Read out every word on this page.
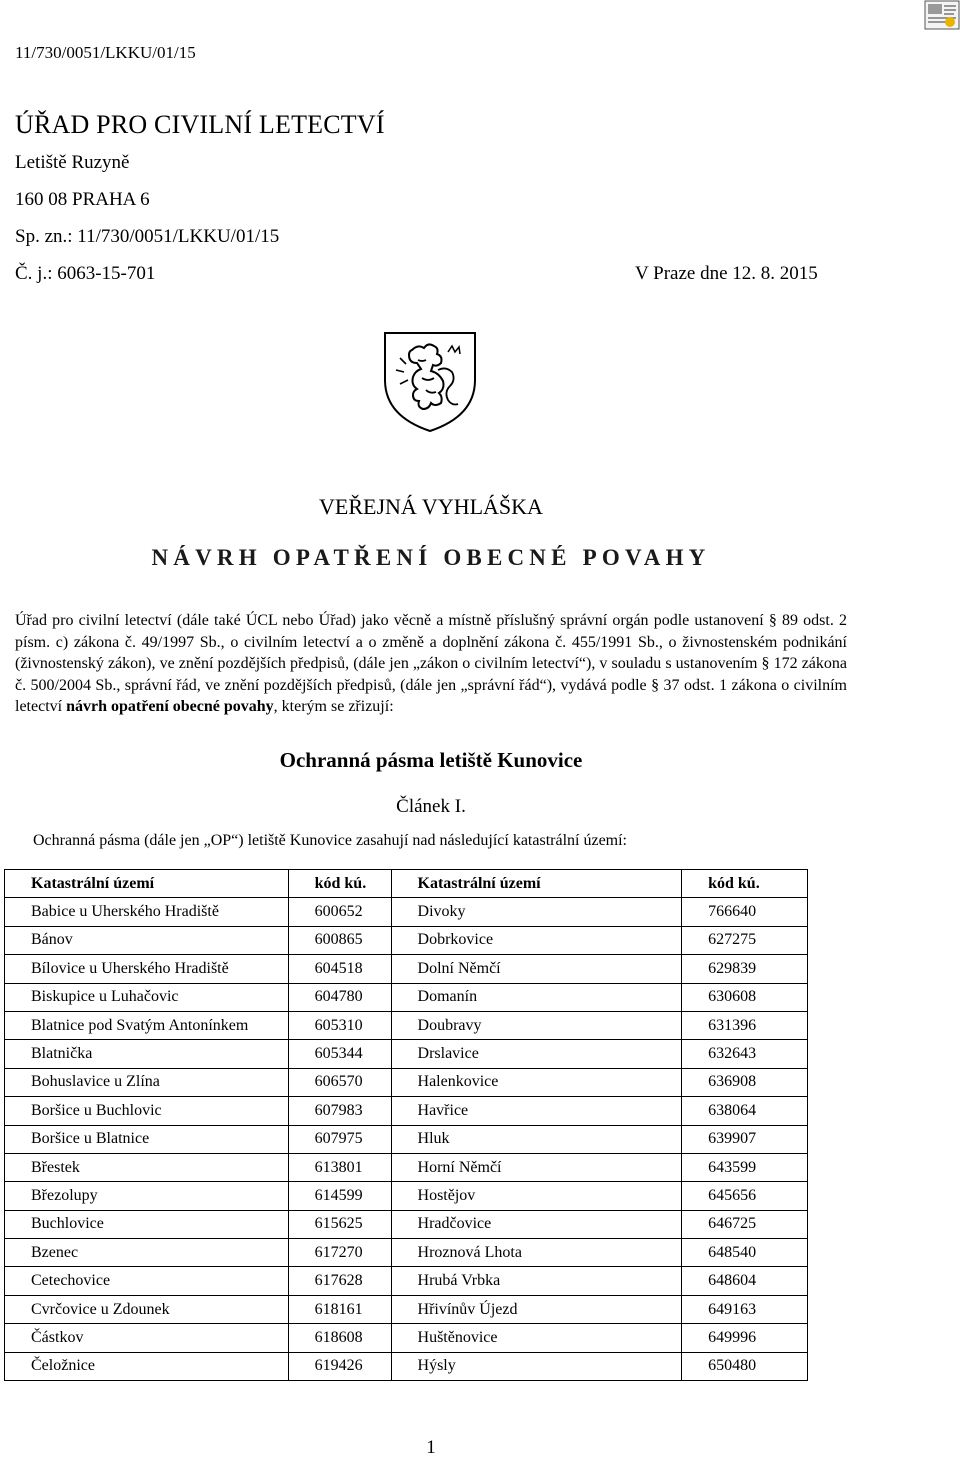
11/730/0051/LKKU/01/15
ÚŘAD PRO CIVILNÍ LETECTVÍ
Letiště Ruzyně
160 08 PRAHA 6
Sp. zn.: 11/730/0051/LKKU/01/15
Č. j.: 6063-15-701	V Praze dne 12. 8. 2015
VEŘEJNÁ VYHLÁŠKA
NÁVRH OPATŘENÍ OBECNÉ POVAHY
Úřad pro civilní letectví (dále také ÚCL nebo Úřad) jako věcně a místně příslušný správní orgán podle ustanovení § 89 odst. 2 písm. c) zákona č. 49/1997 Sb., o civilním letectví a o změně a doplnění zákona č. 455/1991 Sb., o živnostenském podnikání (živnostenský zákon), ve znění pozdějších předpisů, (dále jen „zákon o civilním letectví“), v souladu s ustanovením § 172 zákona č. 500/2004 Sb., správní řád, ve znění pozdějších předpisů, (dále jen „správní řád“), vydává podle § 37 odst. 1 zákona o civilním letectví návrh opatření obecné povahy, kterým se zřizují:
Ochranná pásma letiště Kunovice
Článek I.
Ochranná pásma (dále jen „OP“) letiště Kunovice zasahují nad následující katastrální území:
Katastrální území	kód kú.	Katastrální území	kód kú.
Babice u Uherského Hradiště	600652	Divoky	766640
Bánov	600865	Dobrkovice	627275
Bílovice u Uherského Hradiště	604518	Dolní Němčí	629839
Biskupice u Luhačovic	604780	Domanín	630608
Blatnice pod Svatým Antonínkem	605310	Doubravy	631396
Blatnička	605344	Drslavice	632643
Bohuslavice u Zlína	606570	Halenkovice	636908
Boršice u Buchlovic	607983	Havřice	638064
Boršice u Blatnice	607975	Hluk	639907
Břestek	613801	Horní Němčí	643599
Březolupy	614599	Hostějov	645656
Buchlovice	615625	Hradčovice	646725
Bzenec	617270	Hroznová Lhota	648540
Cetechovice	617628	Hrubá Vrbka	648604
Cvrčovice u Zdounek	618161	Hřivínův Újezd	649163
Částkov	618608	Huštěnovice	649996
Čeložnice	619426	Hýsly	650480
1
